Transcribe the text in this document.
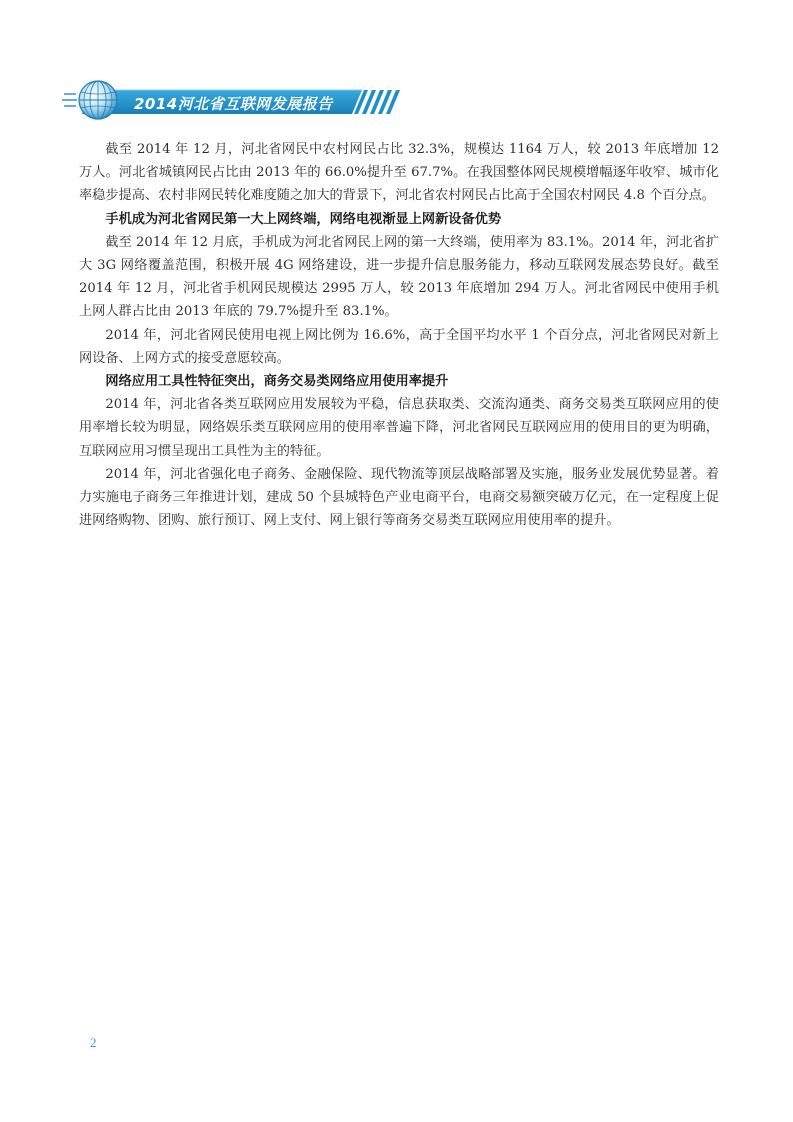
2014河北省互联网发展报告

截至 2014 年 12 月，河北省网民中农村网民占比 32.3%，规模达 1164 万人，较 2013 年底增加 12 万人。河北省城镇网民占比由 2013 年的 66.0%提升至 67.7%。在我国整体网民规模增幅逐年收窄、城市化率稳步提高、农村非网民转化难度随之加大的背景下，河北省农村网民占比高于全国农村网民 4.8 个百分点。

手机成为河北省网民第一大上网终端，网络电视渐显上网新设备优势

截至 2014 年 12 月底，手机成为河北省网民上网的第一大终端，使用率为 83.1%。2014 年，河北省扩大 3G 网络覆盖范围，积极开展 4G 网络建设，进一步提升信息服务能力，移动互联网发展态势良好。截至 2014 年 12 月，河北省手机网民规模达 2995 万人，较 2013 年底增加 294 万人。河北省网民中使用手机上网人群占比由 2013 年底的 79.7%提升至 83.1%。

2014 年，河北省网民使用电视上网比例为 16.6%，高于全国平均水平 1 个百分点，河北省网民对新上网设备、上网方式的接受意愿较高。

网络应用工具性特征突出，商务交易类网络应用使用率提升

2014 年，河北省各类互联网应用发展较为平稳，信息获取类、交流沟通类、商务交易类互联网应用的使用率增长较为明显，网络娱乐类互联网应用的使用率普遍下降，河北省网民互联网应用的使用目的更为明确，互联网应用习惯呈现出工具性为主的特征。

2014 年，河北省强化电子商务、金融保险、现代物流等顶层战略部署及实施，服务业发展优势显著。着力实施电子商务三年推进计划，建成 50 个县城特色产业电商平台，电商交易额突破万亿元，在一定程度上促进网络购物、团购、旅行预订、网上支付、网上银行等商务交易类互联网应用使用率的提升。

2
